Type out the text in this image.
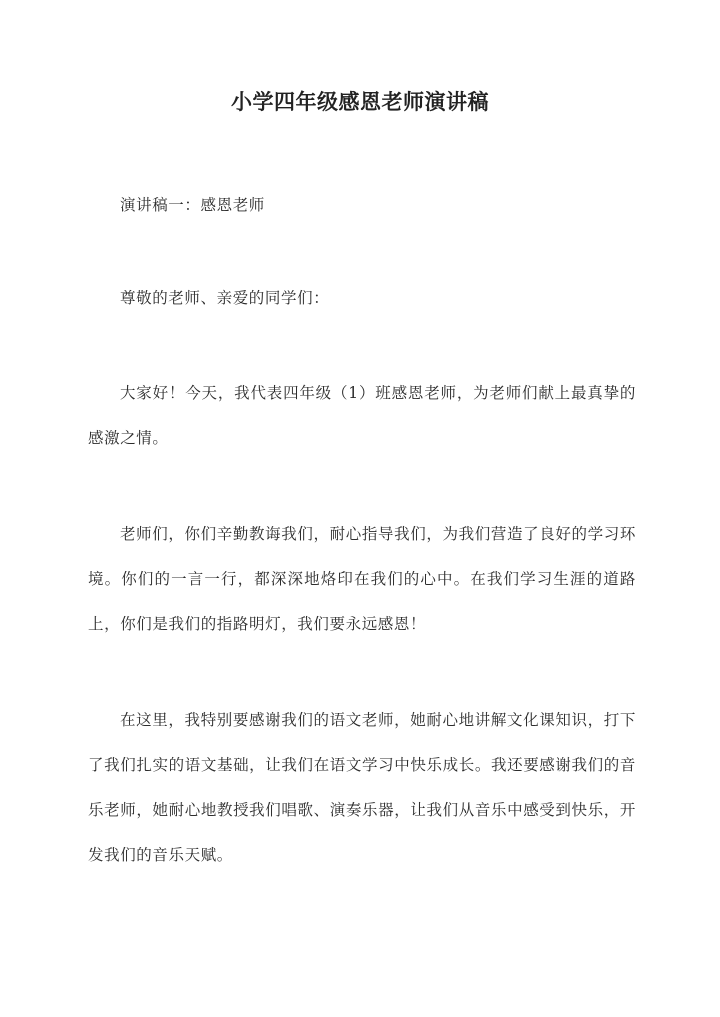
小学四年级感恩老师演讲稿
演讲稿一：感恩老师
尊敬的老师、亲爱的同学们：
大家好！今天，我代表四年级（1）班感恩老师，为老师们献上最真挚的感激之情。
老师们，你们辛勤教诲我们，耐心指导我们，为我们营造了良好的学习环境。你们的一言一行，都深深地烙印在我们的心中。在我们学习生涯的道路上，你们是我们的指路明灯，我们要永远感恩！
在这里，我特别要感谢我们的语文老师，她耐心地讲解文化课知识，打下了我们扎实的语文基础，让我们在语文学习中快乐成长。我还要感谢我们的音乐老师，她耐心地教授我们唱歌、演奏乐器，让我们从音乐中感受到快乐，开发我们的音乐天赋。
